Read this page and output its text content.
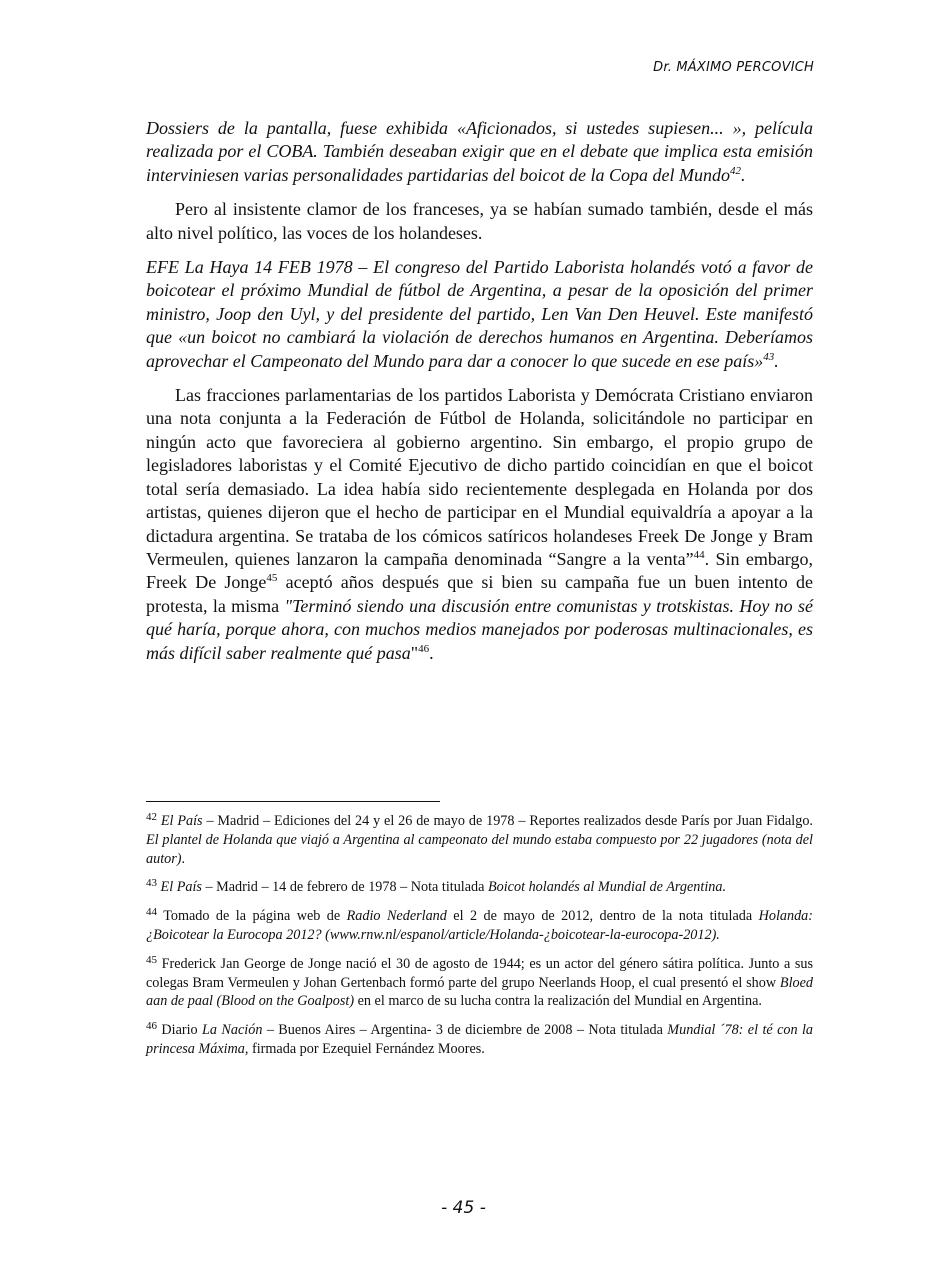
Dr. MÁXIMO PERCOVICH

Dossiers de la pantalla, fuese exhibida «Aficionados, si ustedes supiesen... », película realizada por el COBA. También deseaban exigir que en el debate que implica esta emisión interviniesen varias personalidades partidarias del boicot de la Copa del Mundo$^{42}$.

Pero al insistente clamor de los franceses, ya se habían sumado también, desde el más alto nivel político, las voces de los holandeses.

EFE La Haya 14 FEB 1978 – El congreso del Partido Laborista holandés votó a favor de boicotear el próximo Mundial de fútbol de Argentina, a pesar de la oposición del primer ministro, Joop den Uyl, y del presidente del partido, Len Van Den Heuvel. Este manifestó que «un boicot no cambiará la violación de derechos humanos en Argentina. Deberíamos aprovechar el Campeonato del Mundo para dar a conocer lo que sucede en ese país»$^{43}$.

Las fracciones parlamentarias de los partidos Laborista y Demócrata Cristiano enviaron una nota conjunta a la Federación de Fútbol de Holanda, solicitándole no participar en ningún acto que favoreciera al gobierno argentino. Sin embargo, el propio grupo de legisladores laboristas y el Comité Ejecutivo de dicho partido coincidían en que el boicot total sería demasiado. La idea había sido recientemente desplegada en Holanda por dos artistas, quienes dijeron que el hecho de participar en el Mundial equivaldría a apoyar a la dictadura argentina. Se trataba de los cómicos satíricos holandeses Freek De Jonge y Bram Vermeulen, quienes lanzaron la campaña denominada “Sangre a la venta”$^{44}$. Sin embargo, Freek De Jonge$^{45}$ aceptó años después que si bien su campaña fue un buen intento de protesta, la misma "Terminó siendo una discusión entre comunistas y trotskistas. Hoy no sé qué haría, porque ahora, con muchos medios manejados por poderosas multinacionales, es más difícil saber realmente qué pasa"$^{46}$.

$^{42}$ El País – Madrid – Ediciones del 24 y el 26 de mayo de 1978 – Reportes realizados desde París por Juan Fidalgo. El plantel de Holanda que viajó a Argentina al campeonato del mundo estaba compuesto por 22 jugadores (nota del autor).

$^{43}$ El País – Madrid – 14 de febrero de 1978 – Nota titulada Boicot holandés al Mundial de Argentina.

$^{44}$ Tomado de la página web de Radio Nederland el 2 de mayo de 2012, dentro de la nota titulada Holanda: ¿Boicotear la Eurocopa 2012? (www.rnw.nl/espanol/article/Holanda-¿boicotear-la-eurocopa-2012).

$^{45}$ Frederick Jan George de Jonge nació el 30 de agosto de 1944; es un actor del género sátira política. Junto a sus colegas Bram Vermeulen y Johan Gertenbach formó parte del grupo Neerlands Hoop, el cual presentó el show Bloed aan de paal (Blood on the Goalpost) en el marco de su lucha contra la realización del Mundial en Argentina.

$^{46}$ Diario La Nación – Buenos Aires – Argentina- 3 de diciembre de 2008 – Nota titulada Mundial ´78: el té con la princesa Máxima, firmada por Ezequiel Fernández Moores.

- 45 -
